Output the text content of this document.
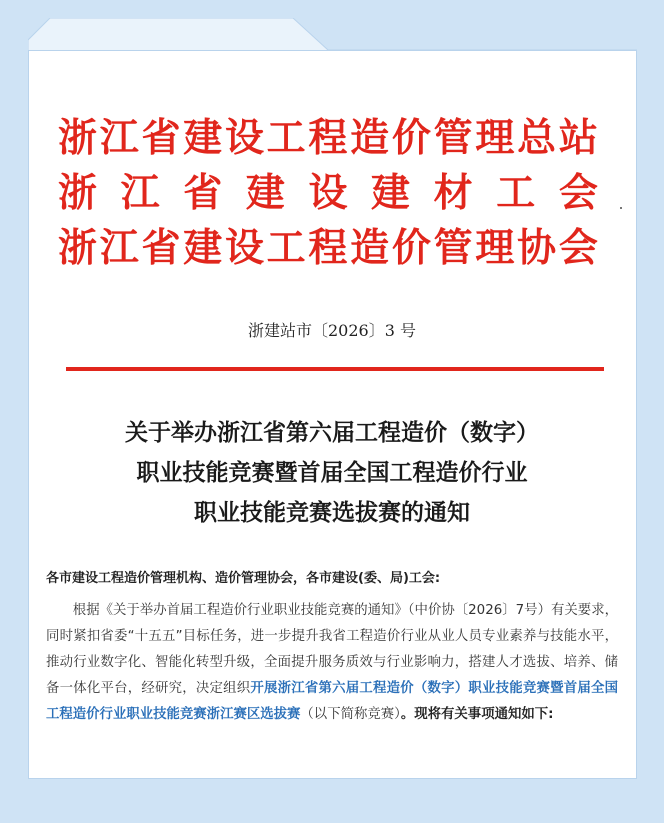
浙 江 省 建 设 工 程 造 价 管 理 总 站
浙 江 省 建 设 建 材 工 会
浙 江 省 建 设 工 程 造 价 管 理 协 会
浙建站市〔2026〕3 号
关于举办浙江省第六届工程造价（数字）
职业技能竞赛暨首届全国工程造价行业
职业技能竞赛选拔赛的通知
各市建设工程造价管理机构、造价管理协会，各市建设(委、局)工会:
根据《关于举办首届工程造价行业职业技能竞赛的通知》（中价协〔2026〕7号）有关要求，同时紧扣省委“十五五”目标任务，进一步提升我省工程造价行业从业人员专业素养与技能水平，推动行业数字化、智能化转型升级，全面提升服务质效与行业影响力，搭建人才选拔、培养、储备一体化平台，经研究，决定组织开展浙江省第六届工程造价（数字）职业技能竞赛暨首届全国工程造价行业职业技能竞赛浙江赛区选拔赛（以下简称竞赛）。现将有关事项通知如下:
